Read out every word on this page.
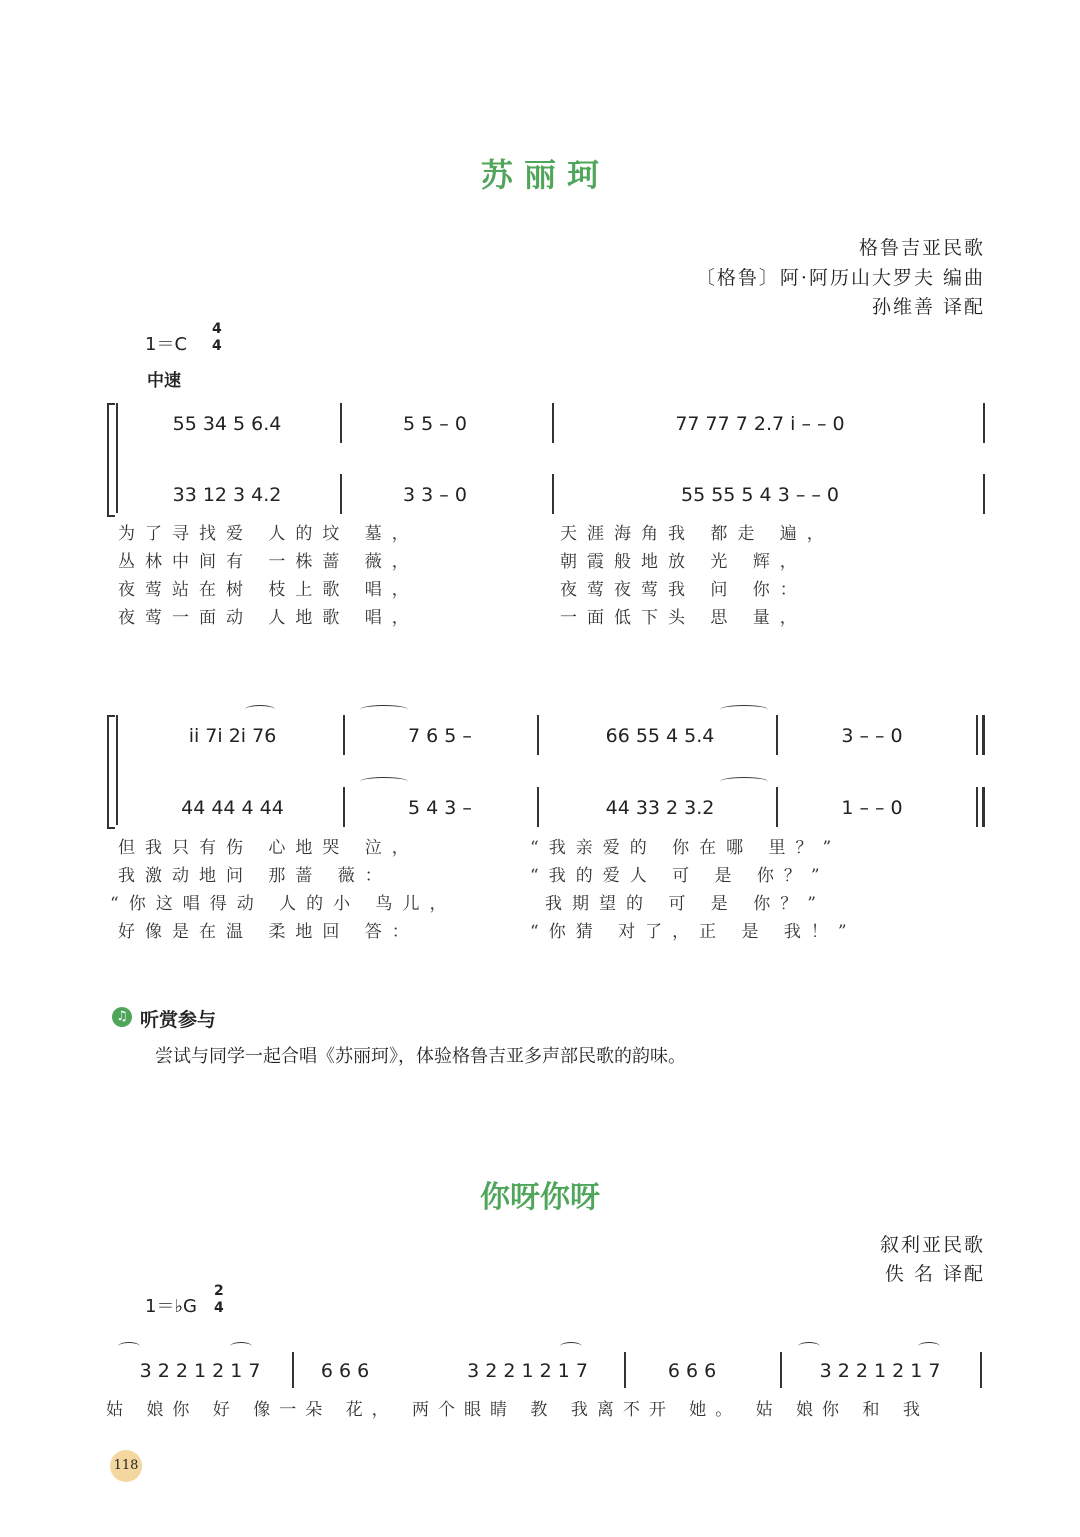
苏 丽 珂
格鲁吉亚民歌
〔格鲁〕阿·阿历山大罗夫 编曲
孙维善 译配
1＝C
4
4
中速
55 34 5 6.4	5 5 – 0	77 77 7 2.7 i – – 0
33 12 3 4.2	3 3 – 0	55 55 5 4 3 – – 0
为了寻找爱 人的坟 墓，
丛林中间有 一株蔷 薇，
夜莺站在树 枝上歌 唱，
夜莺一面动 人地歌 唱，
天涯海角我 都走 遍，
朝霞般地放 光 辉，
夜莺夜莺我 问 你：
一面低下头 思 量，
ii 7i 2i 76	7 6 5 –	66 55 4 5.4	3 – – 0
44 44 4 44	5 4 3 –	44 33 2 3.2	1 – – 0
但我只有伤 心地哭 泣，
我激动地问 那蔷 薇：
“你这唱得动 人的小 鸟儿，
好像是在温 柔地回 答：
“我亲爱的 你在哪 里？”
“我的爱人 可 是 你？”
我期望的 可 是 你？”
“你猜 对了，正 是 我！”
♫ 听赏参与
尝试与同学一起合唱《苏丽珂》，体验格鲁吉亚多声部民歌的韵味。
你呀你呀
叙利亚民歌
佚 名 译配
1＝♭G
2
4
3 2 2 1 2 1 7	6 6 6	3 2 2 1 2 1 7	6 6 6	3 2 2 1 2 1 7
姑 娘你 好 像一朵 花， 两个眼睛 教 我离不开 她。 姑 娘你 和 我
118
